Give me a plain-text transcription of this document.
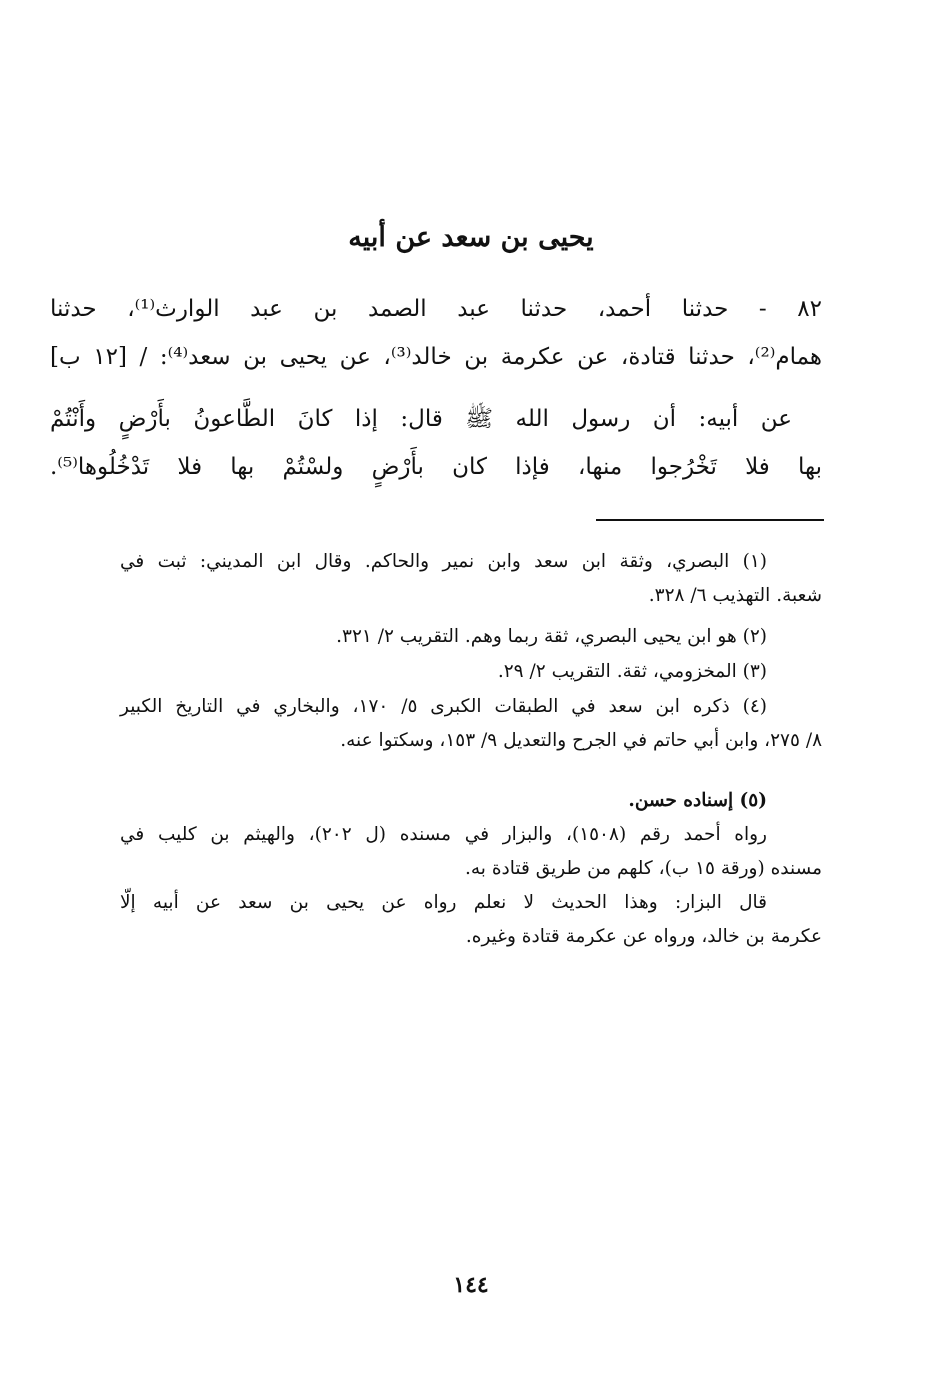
يحيى بن سعد عن أبيه
٨٢ - حدثنا أحمد، حدثنا عبد الصمد بن عبد الوارث⁽¹⁾، حدثنا
همام⁽²⁾، حدثنا قتادة، عن عكرمة بن خالد⁽³⁾، عن يحيى بن سعد⁽⁴⁾: / [١٢ ب]
عن أبيه: أن رسول الله ﷺ قال: إذا كانَ الطَّاعونُ بأَرْضٍ وأَنْتُمْ
بها فلا تَخْرُجوا منها، فإذا كان بأَرْضٍ ولسْتُمْ بها فلا تَدْخُلُوها⁽⁵⁾.
(١) البصري، وثقة ابن سعد وابن نمير والحاكم. وقال ابن المديني: ثبت في
شعبة. التهذيب ٦/ ٣٢٨.
(٢) هو ابن يحيى البصري، ثقة ربما وهم. التقريب ٢/ ٣٢١.
(٣) المخزومي، ثقة. التقريب ٢/ ٢٩.
(٤) ذكره ابن سعد في الطبقات الكبرى ٥/ ١٧٠، والبخاري في التاريخ الكبير
٨/ ٢٧٥، وابن أبي حاتم في الجرح والتعديل ٩/ ١٥٣، وسكتوا عنه.
(٥) إسناده حسن.
رواه أحمد رقم (١٥٠٨)، والبزار في مسنده (ل ٢٠٢)، والهيثم بن كليب في
مسنده (ورقة ١٥ ب)، كلهم من طريق قتادة به.
قال البزار: وهذا الحديث لا نعلم رواه عن يحيى بن سعد عن أبيه إلّا
عكرمة بن خالد، ورواه عن عكرمة قتادة وغيره.
١٤٤
